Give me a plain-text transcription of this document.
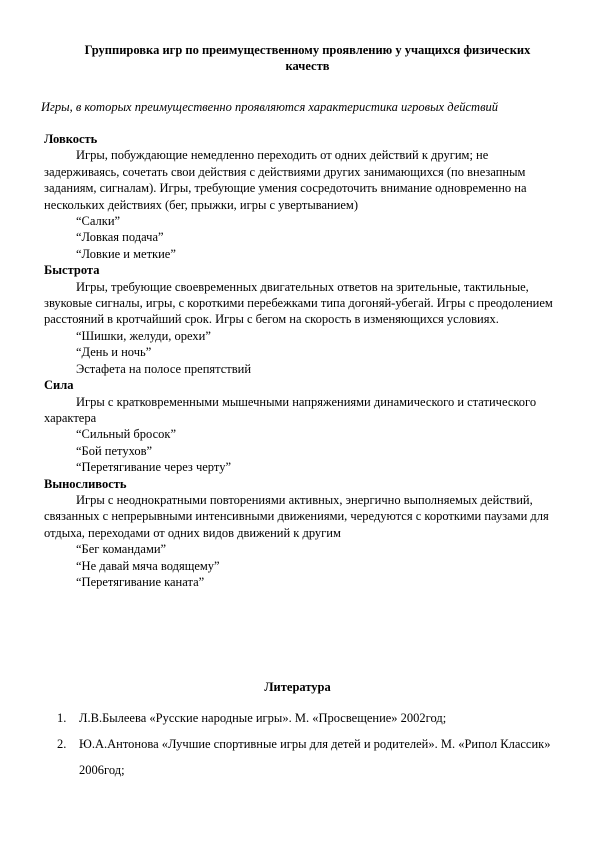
Группировка игр по преимущественному проявлению у учащихся физических
качеств
Игры, в которых преимущественно проявляются характеристика игровых действий
Ловкость
Игры, побуждающие немедленно переходить от одних действий к другим; не задерживаясь, сочетать свои действия с действиями других занимающихся (по внезапным заданиям, сигналам). Игры, требующие умения сосредоточить внимание одновременно на нескольких действиях (бег, прыжки, игры с увертыванием)
“Салки”
“Ловкая подача”
“Ловкие и меткие”
Быстрота
Игры, требующие своевременных двигательных ответов на зрительные, тактильные, звуковые сигналы, игры, с короткими перебежками типа догоняй-убегай. Игры с преодолением расстояний в кротчайший срок. Игры с бегом на скорость в изменяющихся условиях.
“Шишки, желуди, орехи”
“День и ночь”
Эстафета на полосе препятствий
Сила
Игры с кратковременными мышечными напряжениями динамического и статического характера
“Сильный бросок”
“Бой петухов”
“Перетягивание через черту”
Выносливость
Игры с неоднократными повторениями активных, энергично выполняемых действий, связанных с непрерывными интенсивными движениями, чередуются с короткими паузами для отдыха, переходами от одних видов движений к другим
“Бег командами”
“Не давай мяча водящему”
“Перетягивание каната”
Литература
1. Л.В.Былеева «Русские народные игры». М. «Просвещение» 2002год;
2. Ю.А.Антонова «Лучшие спортивные игры для детей и родителей». М. «Рипол Классик» 2006год;
